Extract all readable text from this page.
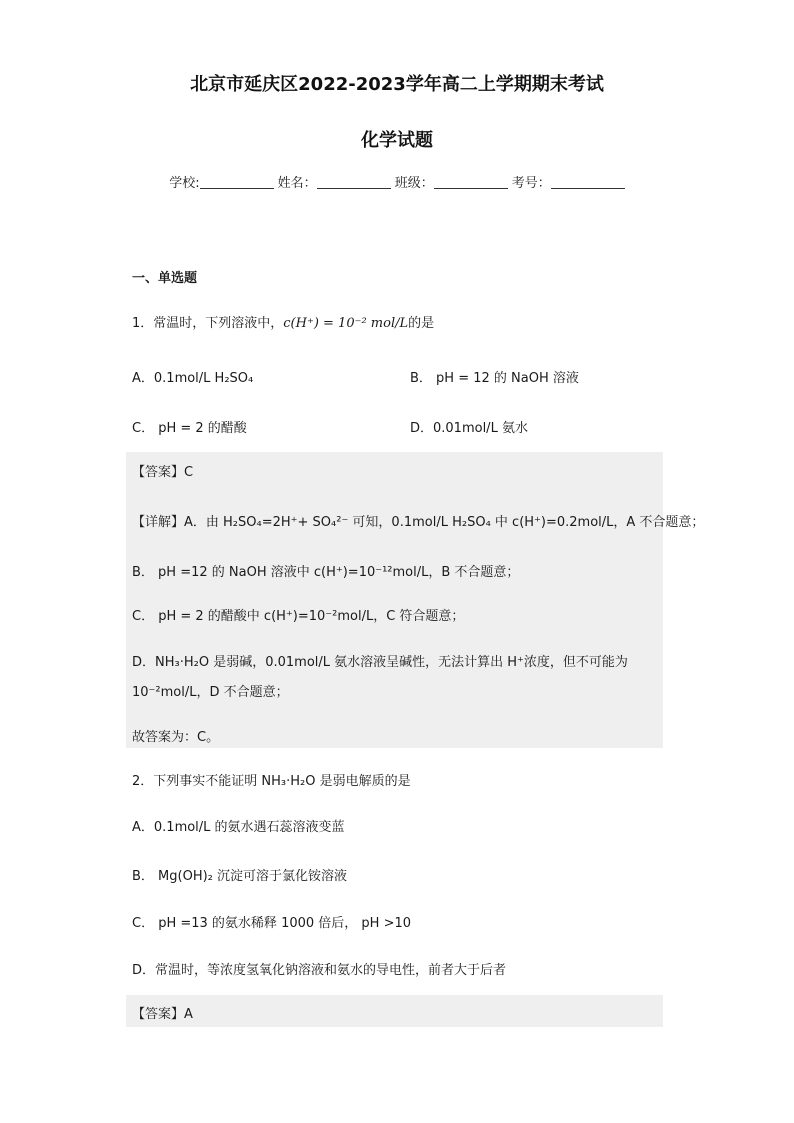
北京市延庆区2022-2023学年高二上学期期末考试
化学试题
学校:	姓名：	班级：	考号：
一、单选题
1．常温时，下列溶液中，c(H⁺) = 10⁻² mol/L的是
A．0.1mol/L H₂SO₄	B． pH = 12 的 NaOH 溶液
C． pH = 2 的醋酸	D．0.01mol/L 氨水
【答案】C
【详解】A．由 H₂SO₄=2H⁺+ SO₄²⁻ 可知，0.1mol/L H₂SO₄ 中 c(H⁺)=0.2mol/L，A 不合题意；
B． pH =12 的 NaOH 溶液中 c(H⁺)=10⁻¹²mol/L，B 不合题意；
C． pH = 2 的醋酸中 c(H⁺)=10⁻²mol/L，C 符合题意；
D．NH₃·H₂O 是弱碱，0.01mol/L 氨水溶液呈碱性，无法计算出 H⁺浓度，但不可能为
10⁻²mol/L，D 不合题意；
故答案为：C。
2．下列事实不能证明 NH₃·H₂O 是弱电解质的是
A．0.1mol/L 的氨水遇石蕊溶液变蓝
B． Mg(OH)₂ 沉淀可溶于氯化铵溶液
C． pH =13 的氨水稀释 1000 倍后， pH >10
D．常温时，等浓度氢氧化钠溶液和氨水的导电性，前者大于后者
【答案】A
